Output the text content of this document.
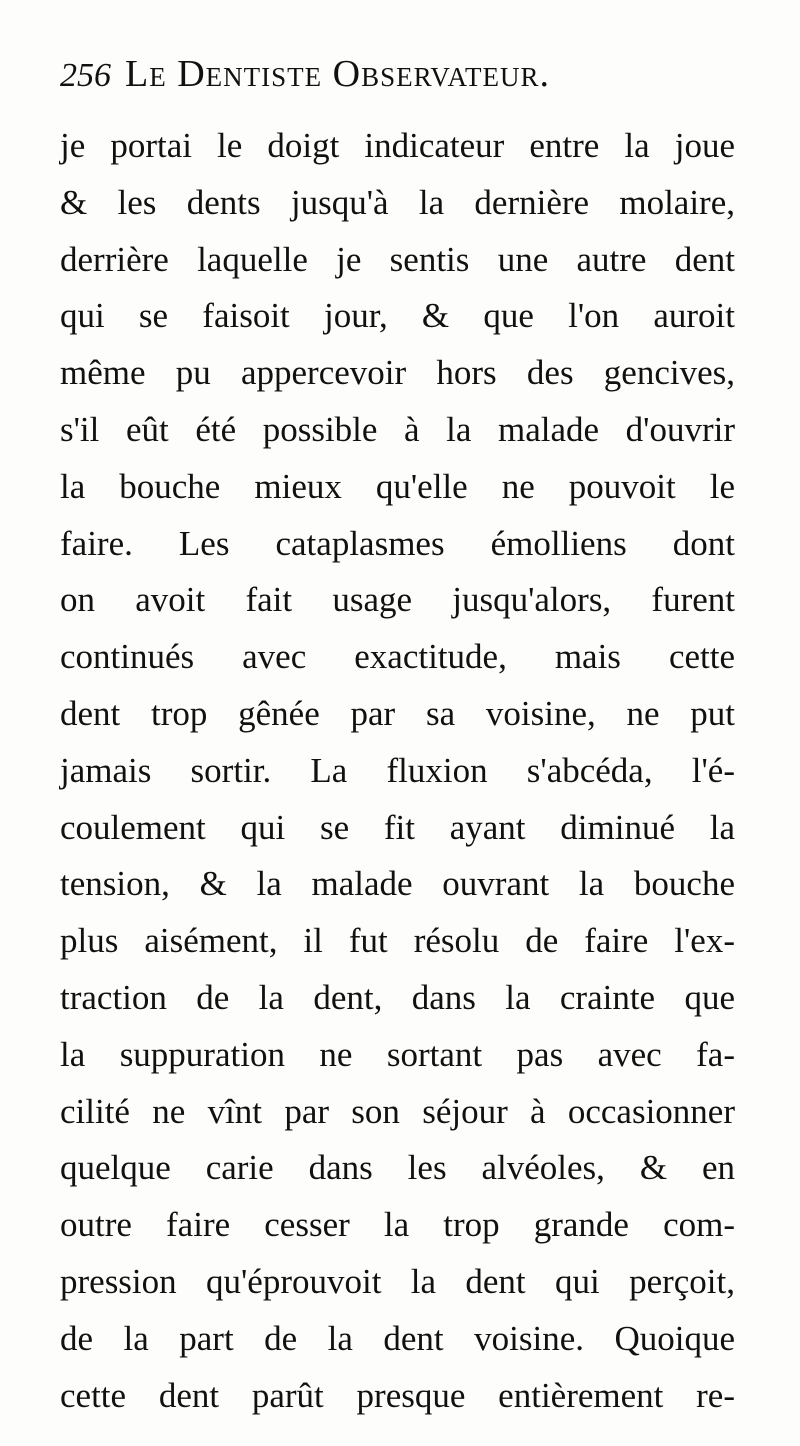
256 Le Dentiste Observateur.
je portai le doigt indicateur entre la joue
& les dents jusqu'à la dernière molaire,
derrière laquelle je sentis une autre dent
qui se faisoit jour, & que l'on auroit
même pu appercevoir hors des gencives,
s'il eût été possible à la malade d'ouvrir
la bouche mieux qu'elle ne pouvoit le
faire. Les cataplasmes émolliens dont
on avoit fait usage jusqu'alors, furent
continués avec exactitude, mais cette
dent trop gênée par sa voisine, ne put
jamais sortir. La fluxion s'abcéda, l'é-
coulement qui se fit ayant diminué la
tension, & la malade ouvrant la bouche
plus aisément, il fut résolu de faire l'ex-
traction de la dent, dans la crainte que
la suppuration ne sortant pas avec fa-
cilité ne vînt par son séjour à occasionner
quelque carie dans les alvéoles, & en
outre faire cesser la trop grande com-
pression qu'éprouvoit la dent qui perçoit,
de la part de la dent voisine. Quoique
cette dent parût presque entièrement re-
